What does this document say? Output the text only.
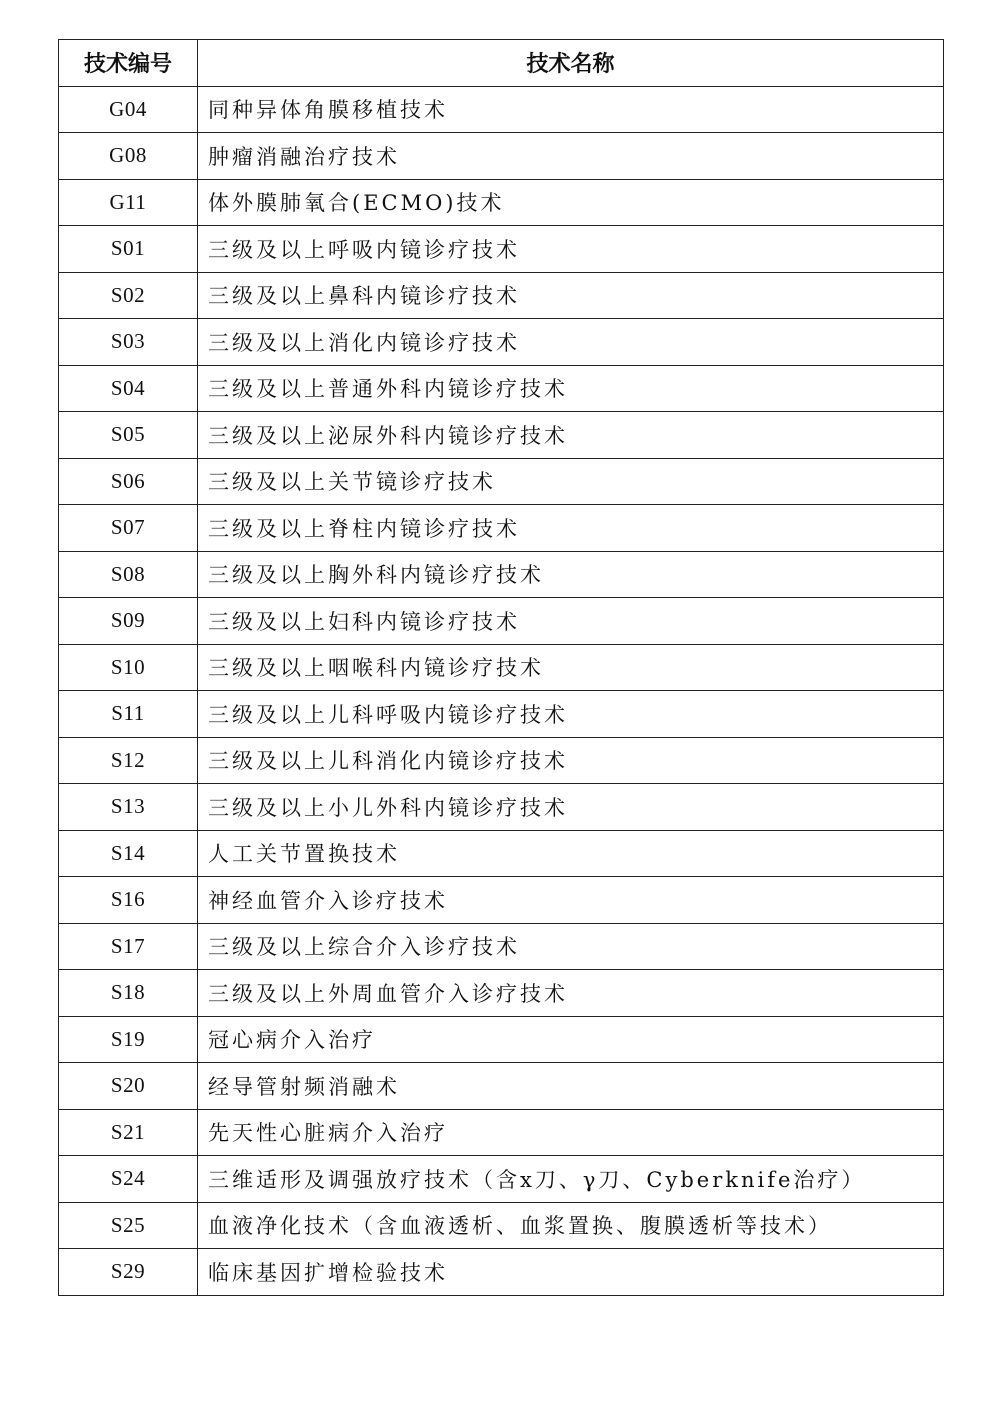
技术编号	技术名称
G04	同种异体角膜移植技术
G08	肿瘤消融治疗技术
G11	体外膜肺氧合(ECMO)技术
S01	三级及以上呼吸内镜诊疗技术
S02	三级及以上鼻科内镜诊疗技术
S03	三级及以上消化内镜诊疗技术
S04	三级及以上普通外科内镜诊疗技术
S05	三级及以上泌尿外科内镜诊疗技术
S06	三级及以上关节镜诊疗技术
S07	三级及以上脊柱内镜诊疗技术
S08	三级及以上胸外科内镜诊疗技术
S09	三级及以上妇科内镜诊疗技术
S10	三级及以上咽喉科内镜诊疗技术
S11	三级及以上儿科呼吸内镜诊疗技术
S12	三级及以上儿科消化内镜诊疗技术
S13	三级及以上小儿外科内镜诊疗技术
S14	人工关节置换技术
S16	神经血管介入诊疗技术
S17	三级及以上综合介入诊疗技术
S18	三级及以上外周血管介入诊疗技术
S19	冠心病介入治疗
S20	经导管射频消融术
S21	先天性心脏病介入治疗
S24	三维适形及调强放疗技术（含x刀、γ刀、Cyberknife治疗）
S25	血液净化技术（含血液透析、血浆置换、腹膜透析等技术）
S29	临床基因扩增检验技术
